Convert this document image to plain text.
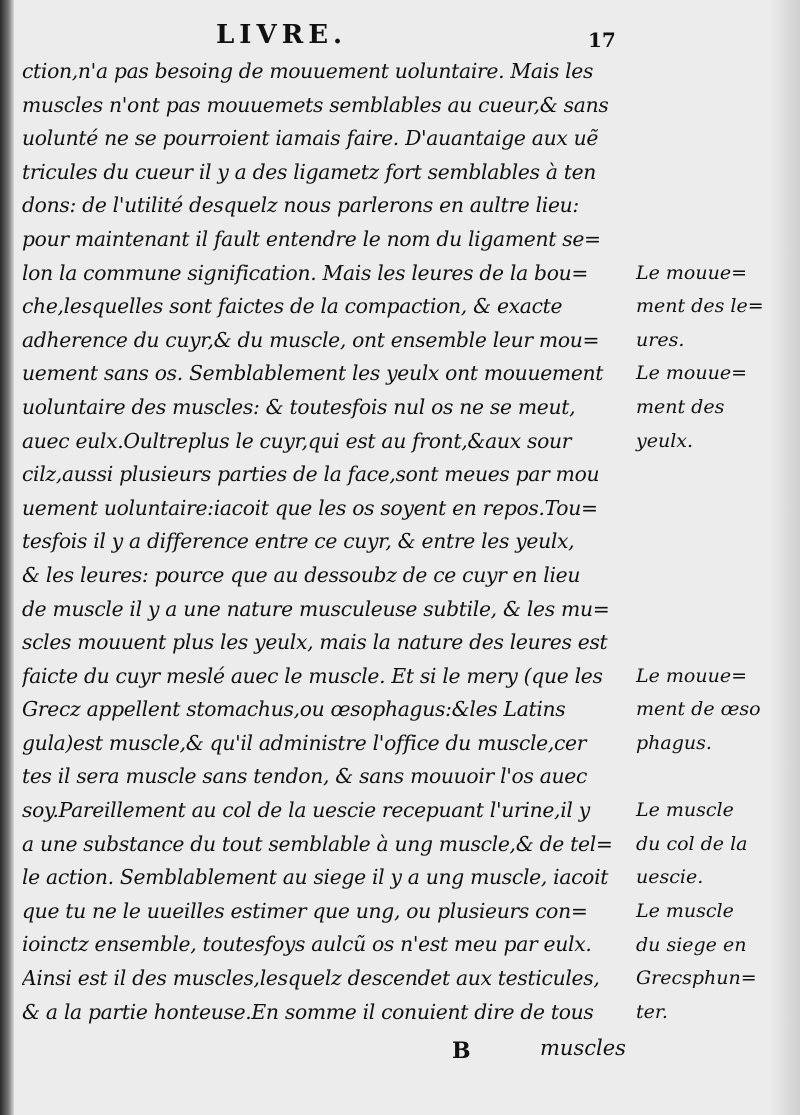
LIVRE.	17
ction,n'a pas besoing de mouuement uoluntaire. Mais les
muscles n'ont pas mouuemets semblables au cueur,& sans
uolunté ne se pourroient iamais faire. D'auantaige aux uẽ
tricules du cueur il y a des ligametz fort semblables à ten
dons: de l'utilité desquelz nous parlerons en aultre lieu:
pour maintenant il fault entendre le nom du ligament se=
lon la commune signification. Mais les leures de la bou=
che,lesquelles sont faictes de la compaction, & exacte
adherence du cuyr,& du muscle, ont ensemble leur mou=
uement sans os. Semblablement les yeulx ont mouuement
uoluntaire des muscles: & toutesfois nul os ne se meut,
auec eulx.Oultreplus le cuyr,qui est au front,&aux sour
cilz,aussi plusieurs parties de la face,sont meues par mou
uement uoluntaire:iacoit que les os soyent en repos.Tou=
tesfois il y a difference entre ce cuyr, & entre les yeulx,
& les leures: pource que au dessoubz de ce cuyr en lieu
de muscle il y a une nature musculeuse subtile, & les mu=
scles mouuent plus les yeulx, mais la nature des leures est
faicte du cuyr meslé auec le muscle. Et si le mery (que les
Grecz appellent stomachus,ou œsophagus:&les Latins
gula)est muscle,& qu'il administre l'office du muscle,cer
tes il sera muscle sans tendon, & sans mouuoir l'os auec
soy.Pareillement au col de la uescie recepuant l'urine,il y
a une substance du tout semblable à ung muscle,& de tel=
le action. Semblablement au siege il y a ung muscle, iacoit
que tu ne le uueilles estimer que ung, ou plusieurs con=
ioinctz ensemble, toutesfoys aulcũ os n'est meu par eulx.
Ainsi est il des muscles,lesquelz descendet aux testicules,
& a la partie honteuse.En somme il conuient dire de tous
Le mouue=
ment des le=
ures.
Le mouue=
ment des
yeulx.
Le mouue=
ment de œso
phagus.
Le muscle
du col de la
uescie.
Le muscle
du siege en
Grecsphun=
ter.
B	muscles
